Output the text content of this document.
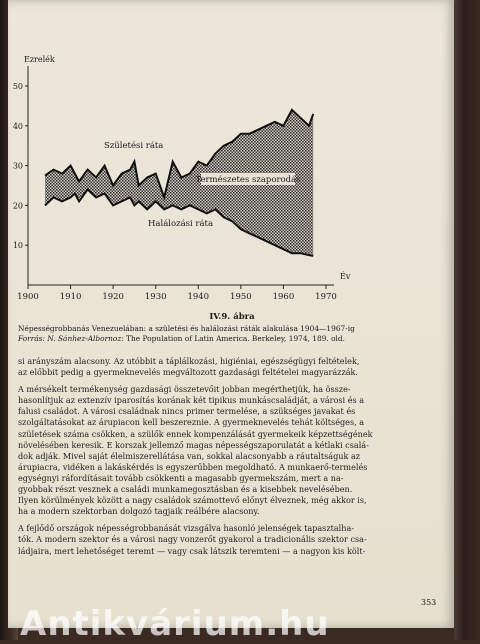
10
20
30
40
50
1900 1910 1920 1930 1940 1950 1960 1970
Ezrelék
Év
Születési ráta
Természetes szaporodás
Halálozási ráta
IV.9. ábra
Népességrobbanás Venezuelában: a születési és halálozási ráták alakulása 1904—1967-ig
Forrás: N. Sánhez-Albornoz: The Population of Latin America. Berkeley, 1974, 189. old.
si arányszám alacsony. Az utóbbit a táplálkozási, higiéniai, egészségügyi feltételek,
az előbbit pedig a gyermeknevelés megváltozott gazdasági feltételei magyarázzák.
A mérsékelt termékenység gazdasági összetevőit jobban megérthetjük, ha össze-
hasonlítjuk az extenzív iparosítás korának két tipikus munkáscsaládját, a városi és a
falusi családot. A városi családnak nincs primer termelése, a szükséges javakat és
szolgáltatásokat az árupiacon kell beszereznie. A gyermeknevelés tehát költséges, a
születések száma csökken, a szülők ennek kompenzálását gyermekeik képzettségének
növelésében keresik. E korszak jellemző magas népességszaporulatát a kétlaki csalá-
dok adják. Mivel saját élelmiszerellátása van, sokkal alacsonyabb a ráutaltságuk az
árupiacra, vidéken a lakáskérdés is egyszerűbben megoldható. A munkaerő-termelés
egységnyi ráfordításait tovább csökkenti a magasabb gyermekszám, mert a na-
gyobbak részt vesznek a családi munkamegosztásban és a kisebbek nevelésében.
Ilyen körülmények között a nagy családok számottevő előnyt élveznek, még akkor is,
ha a modern szektorban dolgozó tagjaik reálbére alacsony.
A fejlődő országok népességrobbanását vizsgálva hasonló jelenségek tapasztalha-
tók. A modern szektor és a városi nagy vonzerőt gyakorol a tradicionális szektor csa-
ládjaira, mert lehetőséget teremt — vagy csak látszik teremteni — a nagyon kis költ-
353
Antikvárium.hu
